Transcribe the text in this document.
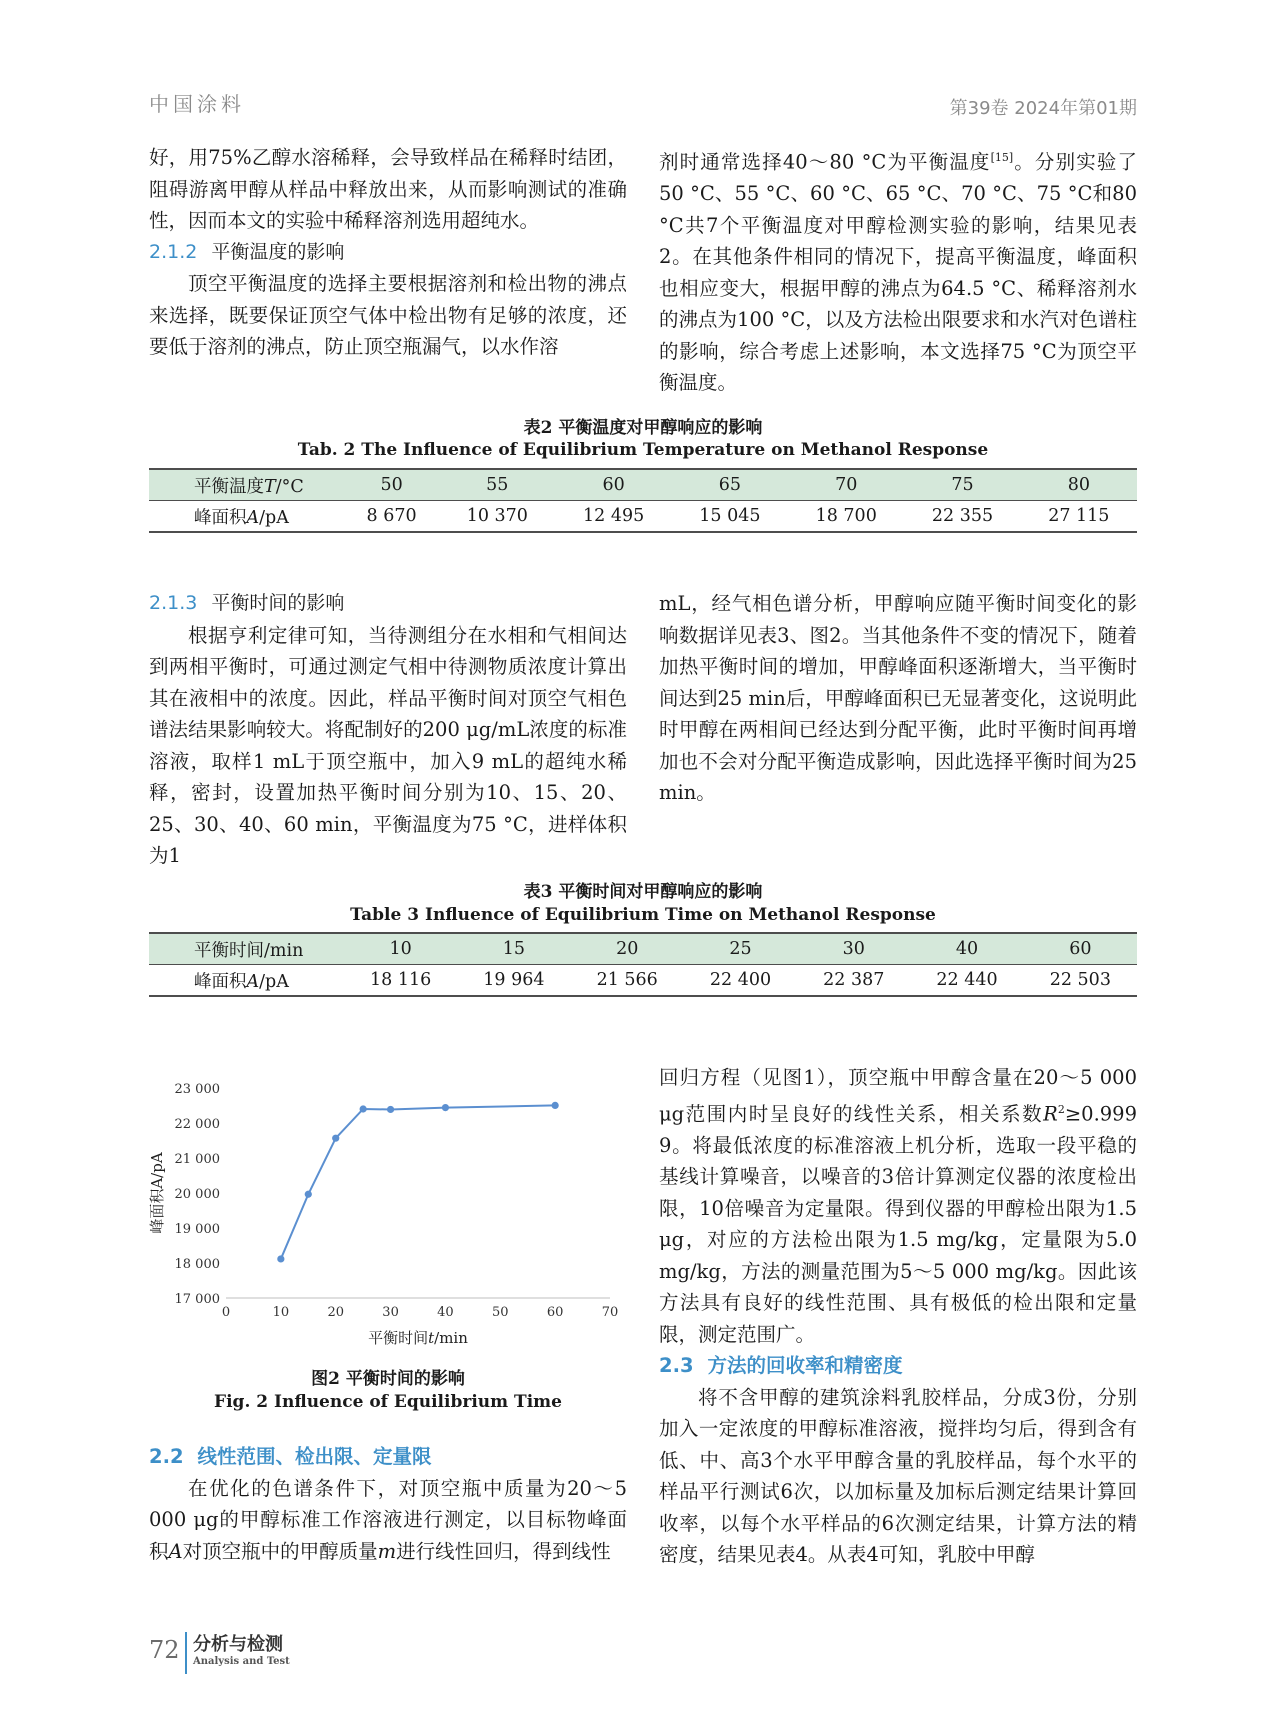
中国涂料	第39卷 2024年第01期

好，用75%乙醇水溶稀释，会导致样品在稀释时结团，阻碍游离甲醇从样品中释放出来，从而影响测试的准确性，因而本文的实验中稀释溶剂选用超纯水。

2.1.2 平衡温度的影响

顶空平衡温度的选择主要根据溶剂和检出物的沸点来选择，既要保证顶空气体中检出物有足够的浓度，还要低于溶剂的沸点，防止顶空瓶漏气，以水作溶

剂时通常选择40～80 °C为平衡温度[15]。分别实验了50 °C、55 °C、60 °C、65 °C、70 °C、75 °C和80 °C共7个平衡温度对甲醇检测实验的影响，结果见表2。在其他条件相同的情况下，提高平衡温度，峰面积也相应变大，根据甲醇的沸点为64.5 °C、稀释溶剂水的沸点为100 °C，以及方法检出限要求和水汽对色谱柱的影响，综合考虑上述影响，本文选择75 °C为顶空平衡温度。

表2 平衡温度对甲醇响应的影响
Tab. 2 The Influence of Equilibrium Temperature on Methanol Response
平衡温度T/°C	50	55	60	65	70	75	80
峰面积A/pA	8 670	10 370	12 495	15 045	18 700	22 355	27 115

2.1.3 平衡时间的影响

根据亨利定律可知，当待测组分在水相和气相间达到两相平衡时，可通过测定气相中待测物质浓度计算出其在液相中的浓度。因此，样品平衡时间对顶空气相色谱法结果影响较大。将配制好的200 μg/mL浓度的标准溶液，取样1 mL于顶空瓶中，加入9 mL的超纯水稀释，密封，设置加热平衡时间分别为10、15、20、25、30、40、60 min，平衡温度为75 °C，进样体积为1

mL，经气相色谱分析，甲醇响应随平衡时间变化的影响数据详见表3、图2。当其他条件不变的情况下，随着加热平衡时间的增加，甲醇峰面积逐渐增大，当平衡时间达到25 min后，甲醇峰面积已无显著变化，这说明此时甲醇在两相间已经达到分配平衡，此时平衡时间再增加也不会对分配平衡造成影响，因此选择平衡时间为25 min。

表3 平衡时间对甲醇响应的影响
Table 3 Influence of Equilibrium Time on Methanol Response
平衡时间/min	10	15	20	25	30	40	60
峰面积A/pA	18 116	19 964	21 566	22 400	22 387	22 440	22 503
17 000
18 000
19 000
20 000
21 000
22 000
23 000
0	10	20	30	40	50	60	70
平衡时间t/min
峰面积A/pA
图2 平衡时间的影响
Fig. 2 Influence of Equilibrium Time

2.2 线性范围、检出限、定量限

在优化的色谱条件下，对顶空瓶中质量为20～5 000 μg的甲醇标准工作溶液进行测定，以目标物峰面积A对顶空瓶中的甲醇质量m进行线性回归，得到线性

回归方程（见图1），顶空瓶中甲醇含量在20～5 000 μg范围内时呈良好的线性关系，相关系数$R^2\ge 0.999$ 9。将最低浓度的标准溶液上机分析，选取一段平稳的基线计算噪音，以噪音的3倍计算测定仪器的浓度检出限，10倍噪音为定量限。得到仪器的甲醇检出限为1.5 μg，对应的方法检出限为1.5 mg/kg，定量限为5.0 mg/kg，方法的测量范围为5～5 000 mg/kg。因此该方法具有良好的线性范围、具有极低的检出限和定量限，测定范围广。

2.3 方法的回收率和精密度

将不含甲醇的建筑涂料乳胶样品，分成3份，分别加入一定浓度的甲醇标准溶液，搅拌均匀后，得到含有低、中、高3个水平甲醇含量的乳胶样品，每个水平的样品平行测试6次，以加标量及加标后测定结果计算回收率，以每个水平样品的6次测定结果，计算方法的精密度，结果见表4。从表4可知，乳胶中甲醇

72 分析与检测
Analysis and Test
